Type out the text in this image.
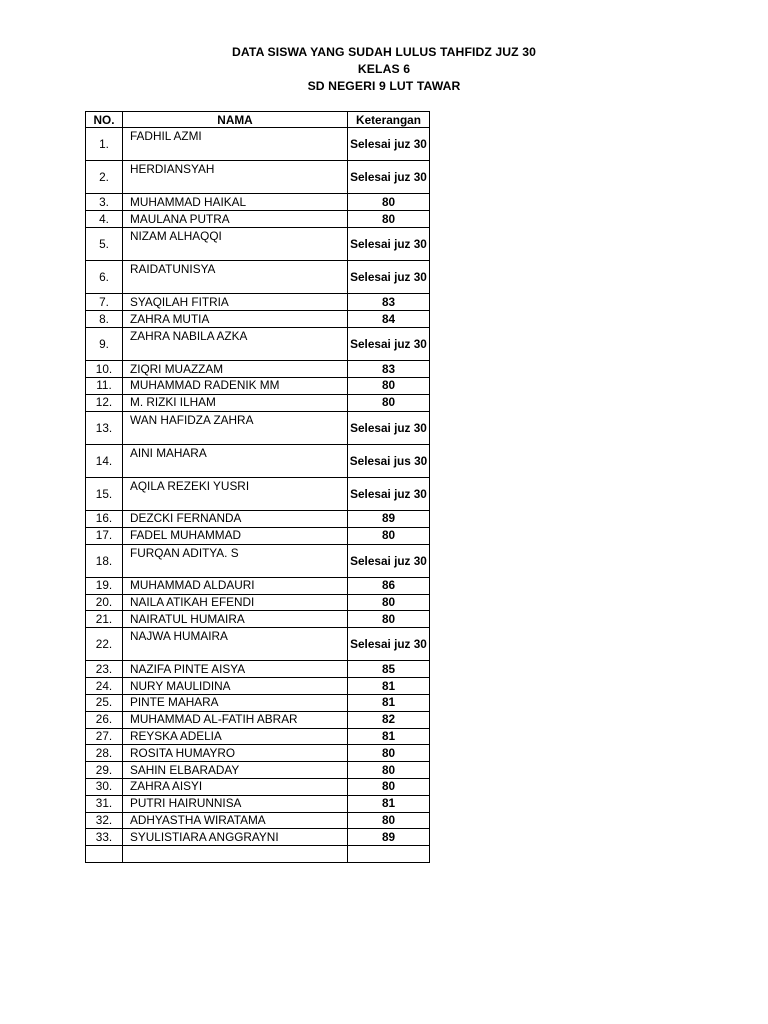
DATA SISWA YANG SUDAH LULUS TAHFIDZ JUZ 30
KELAS 6
SD NEGERI 9 LUT TAWAR
NO.	NAMA	Keterangan
1.	FADHIL AZMI	Selesai juz 30
2.	HERDIANSYAH	Selesai juz 30
3.	MUHAMMAD HAIKAL	80
4.	MAULANA PUTRA	80
5.	NIZAM ALHAQQI	Selesai juz 30
6.	RAIDATUNISYA	Selesai juz 30
7.	SYAQILAH FITRIA	83
8.	ZAHRA MUTIA	84
9.	ZAHRA NABILA AZKA	Selesai juz 30
10.	ZIQRI MUAZZAM	83
11.	MUHAMMAD RADENIK MM	80
12.	M. RIZKI ILHAM	80
13.	WAN HAFIDZA ZAHRA	Selesai juz 30
14.	AINI MAHARA	Selesai jus 30
15.	AQILA REZEKI YUSRI	Selesai juz 30
16.	DEZCKI FERNANDA	89
17.	FADEL MUHAMMAD	80
18.	FURQAN ADITYA. S	Selesai juz 30
19.	MUHAMMAD ALDAURI	86
20.	NAILA ATIKAH EFENDI	80
21.	NAIRATUL HUMAIRA	80
22.	NAJWA HUMAIRA	Selesai juz 30
23.	NAZIFA PINTE AISYA	85
24.	NURY MAULIDINA	81
25.	PINTE MAHARA	81
26.	MUHAMMAD AL-FATIH ABRAR	82
27.	REYSKA ADELIA	81
28.	ROSITA HUMAYRO	80
29.	SAHIN ELBARADAY	80
30.	ZAHRA AISYI	80
31.	PUTRI HAIRUNNISA	81
32.	ADHYASTHA WIRATAMA	80
33.	SYULISTIARA ANGGRAYNI	89
